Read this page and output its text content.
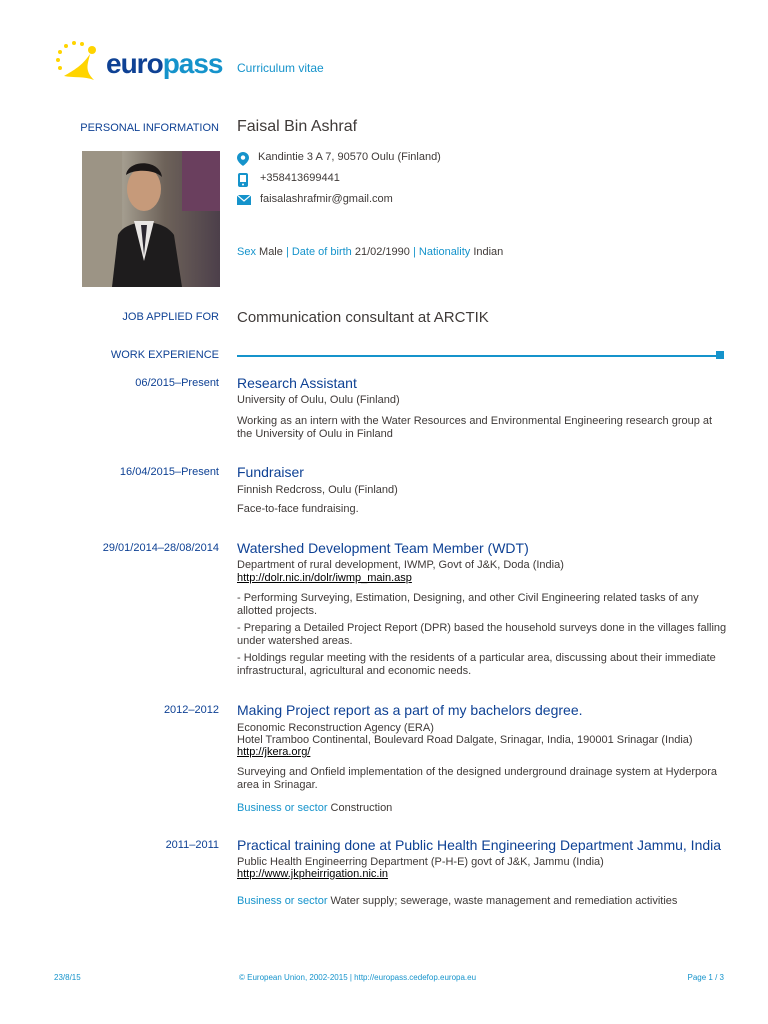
europass Curriculum vitae
PERSONAL INFORMATION Faisal Bin Ashraf
Kandintie 3 A 7, 90570 Oulu (Finland)
+358413699441
faisalashrafmir@gmail.com
Sex Male | Date of birth 21/02/1990 | Nationality Indian
JOB APPLIED FOR Communication consultant at ARCTIK
WORK EXPERIENCE
06/2015–Present Research Assistant
University of Oulu, Oulu (Finland)
Working as an intern with the Water Resources and Environmental Engineering research group at the University of Oulu in Finland
16/04/2015–Present Fundraiser
Finnish Redcross, Oulu (Finland)
Face-to-face fundraising.
29/01/2014–28/08/2014 Watershed Development Team Member (WDT)
Department of rural development, IWMP, Govt of J&K, Doda (India)
http://dolr.nic.in/dolr/iwmp_main.asp
- Performing Surveying, Estimation, Designing, and other Civil Engineering related tasks of any allotted projects.
- Preparing a Detailed Project Report (DPR) based the household surveys done in the villages falling under watershed areas.
- Holdings regular meeting with the residents of a particular area, discussing about their immediate infrastructural, agricultural and economic needs.
2012–2012 Making Project report as a part of my bachelors degree.
Economic Reconstruction Agency (ERA)
Hotel Tramboo Continental, Boulevard Road Dalgate, Srinagar, India, 190001 Srinagar (India)
http://jkera.org/
Surveying and Onfield implementation of the designed underground drainage system at Hyderpora area in Srinagar.
Business or sector Construction
2011–2011 Practical training done at Public Health Engineering Department Jammu, India
Public Health Engineerring Department (P-H-E) govt of J&K, Jammu (India)
http://www.jkpheirrigation.nic.in
Business or sector Water supply; sewerage, waste management and remediation activities
23/8/15	© European Union, 2002-2015 | http://europass.cedefop.europa.eu	Page 1 / 3
